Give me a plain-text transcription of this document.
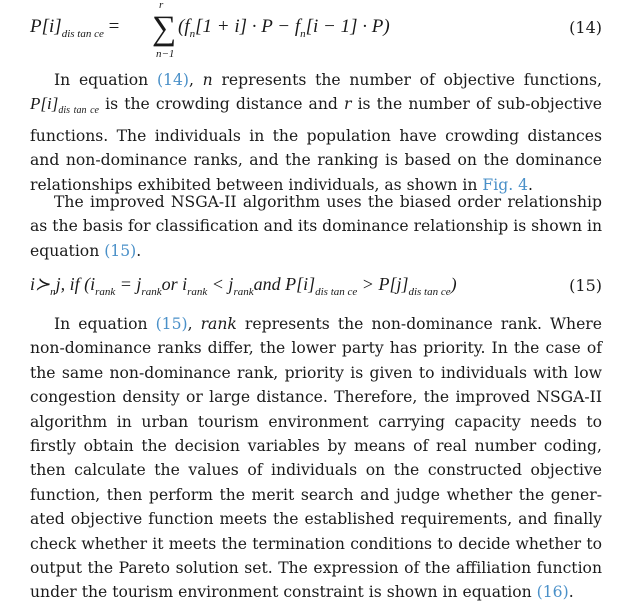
$P[i]_{dis tan ce}$ =
r
∑
n−1
$(f_n[1 + i] \cdot P - f_n[i - 1] \cdot P)$	(14)
In equation (14), n represents the number of objective functions,
$P[i]_{dis tan ce}$ is the crowding distance and r is the number of sub-objective
functions. The individuals in the population have crowding distances
and non-dominance ranks, and the ranking is based on the dominance
relationships exhibited between individuals, as shown in Fig. 4.
The improved NSGA-II algorithm uses the biased order relationship
as the basis for classification and its dominance relationship is shown in
equation (15).
$i≻_nj$, if ($i_{rank} = j_{rank}or$ $i_{rank} < j_{rank}and$ $P[i]_{dis tan ce} > P[j]_{dis tan ce}$)	(15)
In equation (15), rank represents the non-dominance rank. Where
non-dominance ranks differ, the lower party has priority. In the case of
the same non-dominance rank, priority is given to individuals with low
congestion density or large distance. Therefore, the improved NSGA-II
algorithm in urban tourism environment carrying capacity needs to
firstly obtain the decision variables by means of real number coding,
then calculate the values of individuals on the constructed objective
function, then perform the merit search and judge whether the gener-
ated objective function meets the established requirements, and finally
check whether it meets the termination conditions to decide whether to
output the Pareto solution set. The expression of the affiliation function
under the tourism environment constraint is shown in equation (16).
